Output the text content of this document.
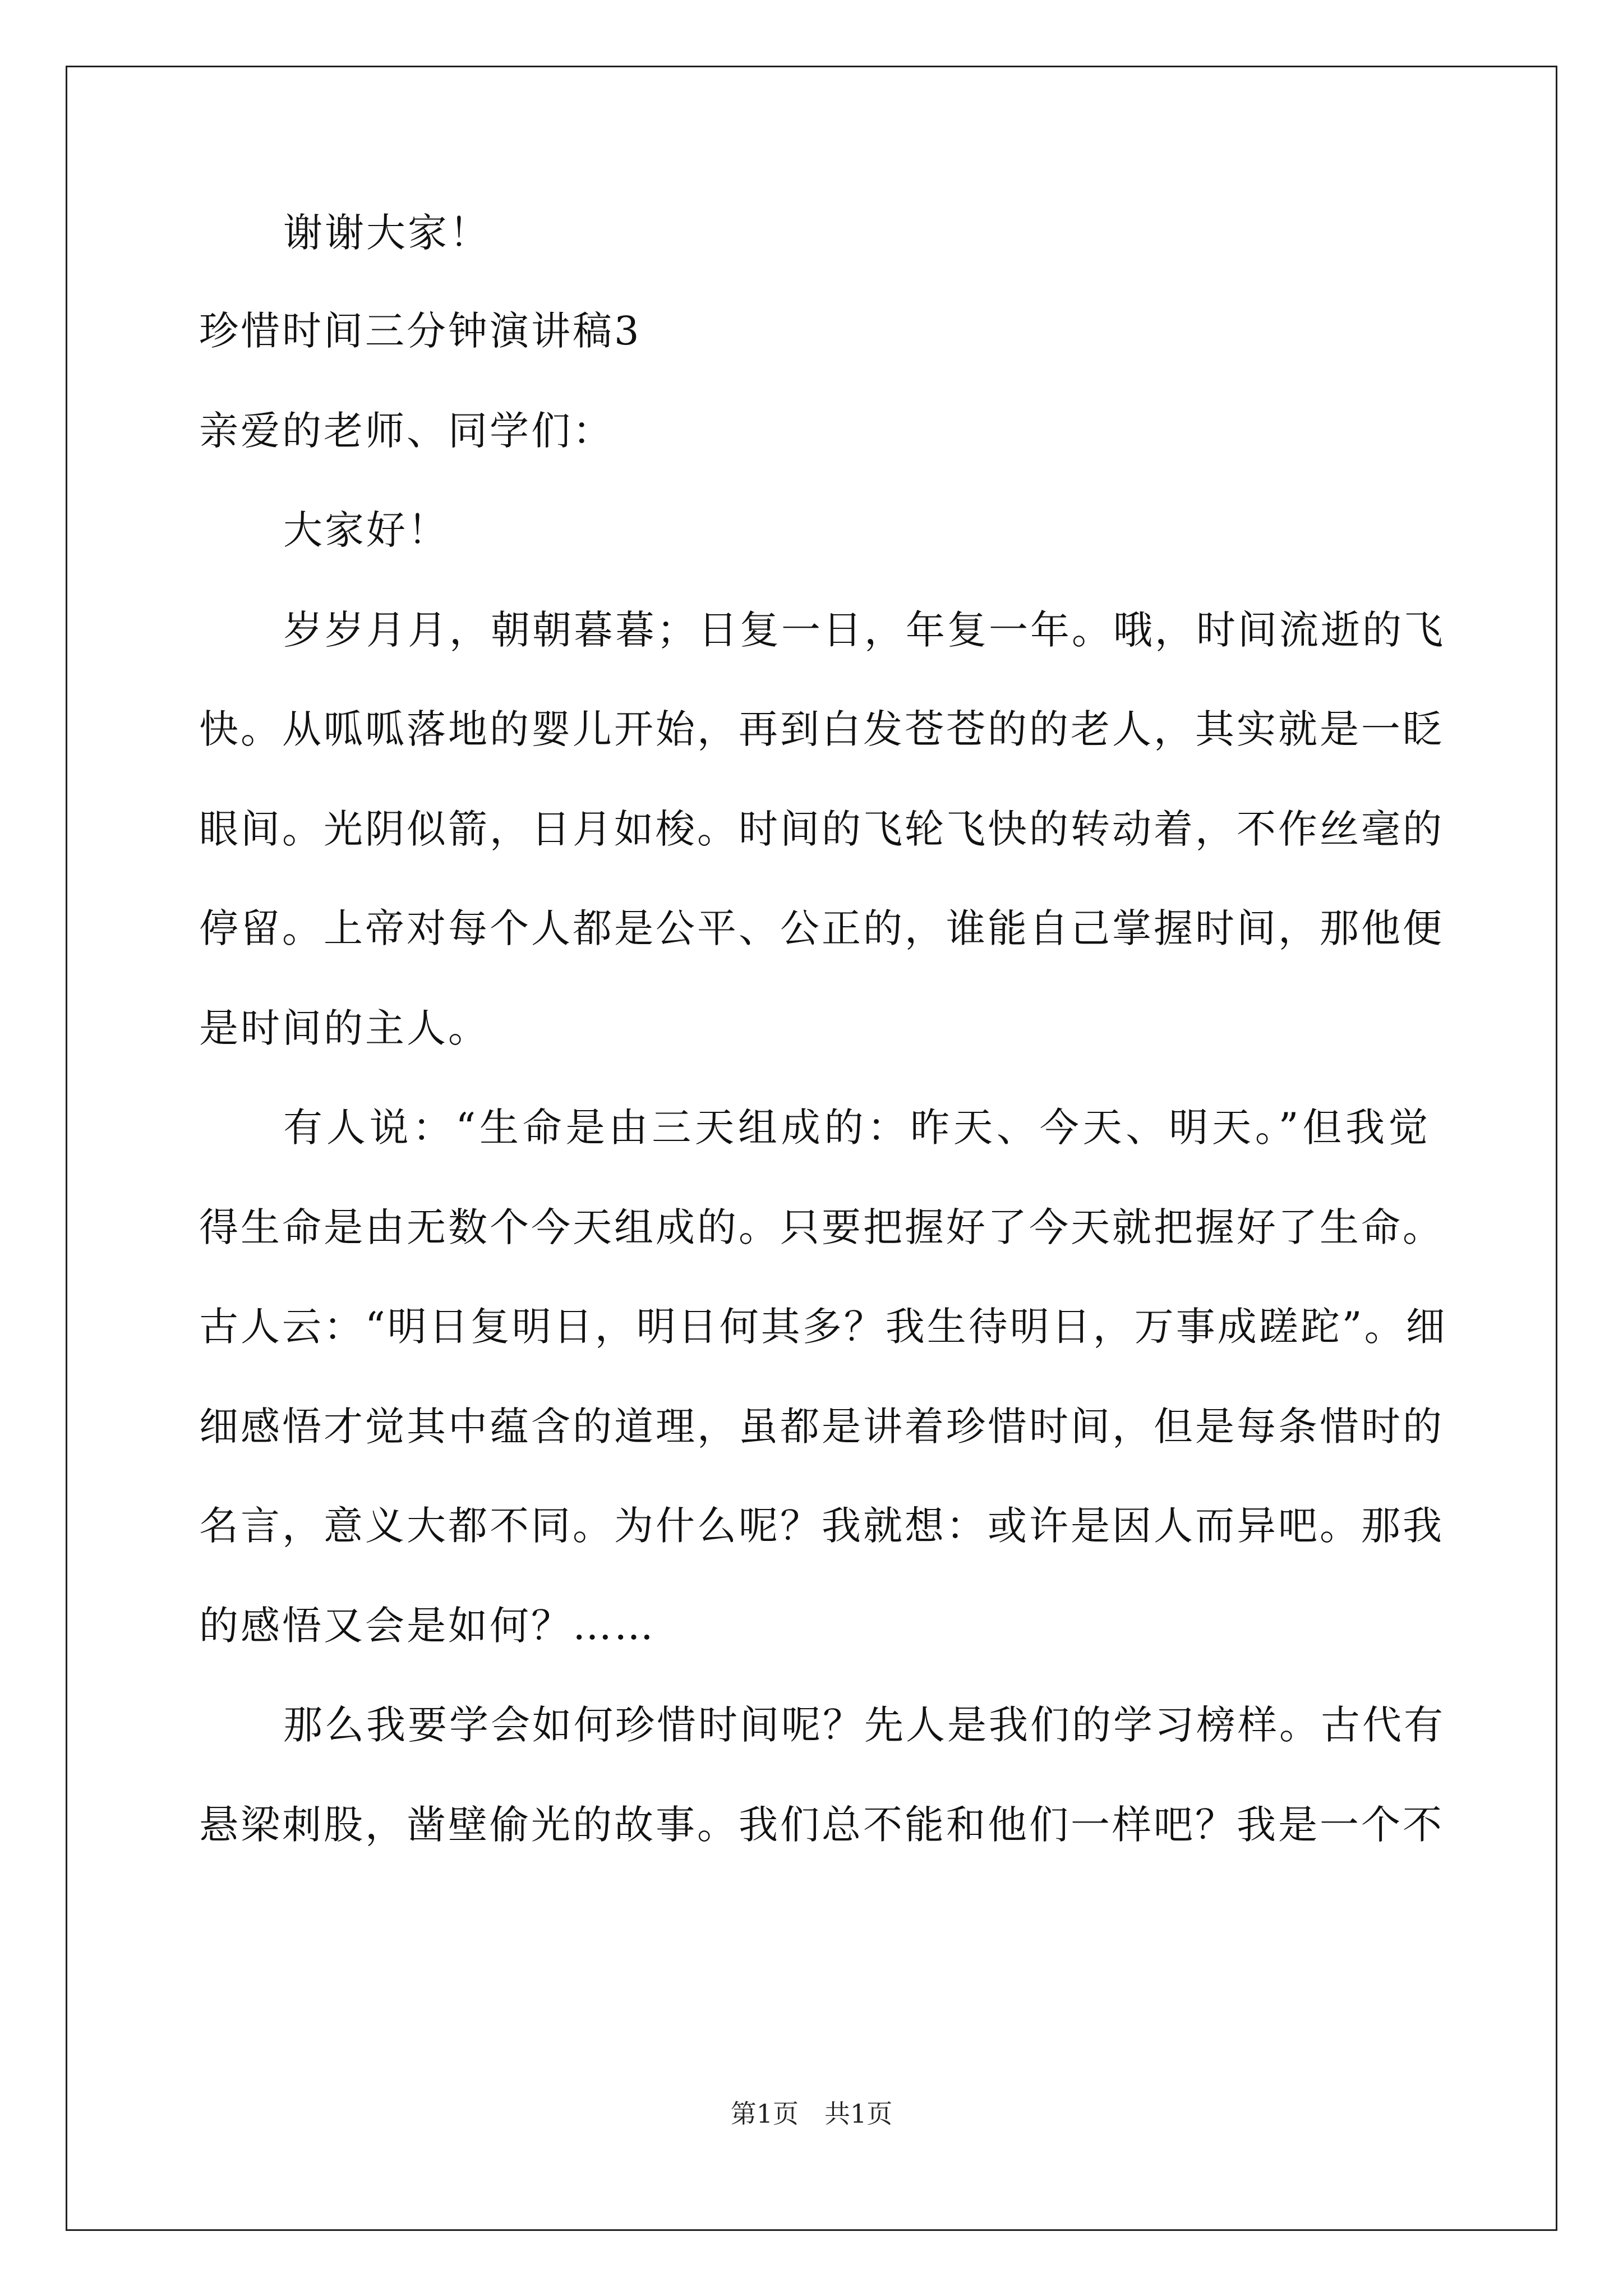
谢谢大家！
珍惜时间三分钟演讲稿3
亲爱的老师、同学们：
大家好！
岁岁月月，朝朝暮暮；日复一日，年复一年。哦，时间流逝的飞
快。从呱呱落地的婴儿开始，再到白发苍苍的的老人，其实就是一眨
眼间。光阴似箭，日月如梭。时间的飞轮飞快的转动着，不作丝毫的
停留。上帝对每个人都是公平、公正的，谁能自己掌握时间，那他便
是时间的主人。
有人说：“生命是由三天组成的：昨天、今天、明天。”但我觉
得生命是由无数个今天组成的。只要把握好了今天就把握好了生命。
古人云：“明日复明日，明日何其多？我生待明日，万事成蹉跎”。细
细感悟才觉其中蕴含的道理，虽都是讲着珍惜时间，但是每条惜时的
名言，意义大都不同。为什么呢？我就想：或许是因人而异吧。那我
的感悟又会是如何？……
那么我要学会如何珍惜时间呢？先人是我们的学习榜样。古代有
悬梁刺股，凿壁偷光的故事。我们总不能和他们一样吧？我是一个不
第1页　共1页
